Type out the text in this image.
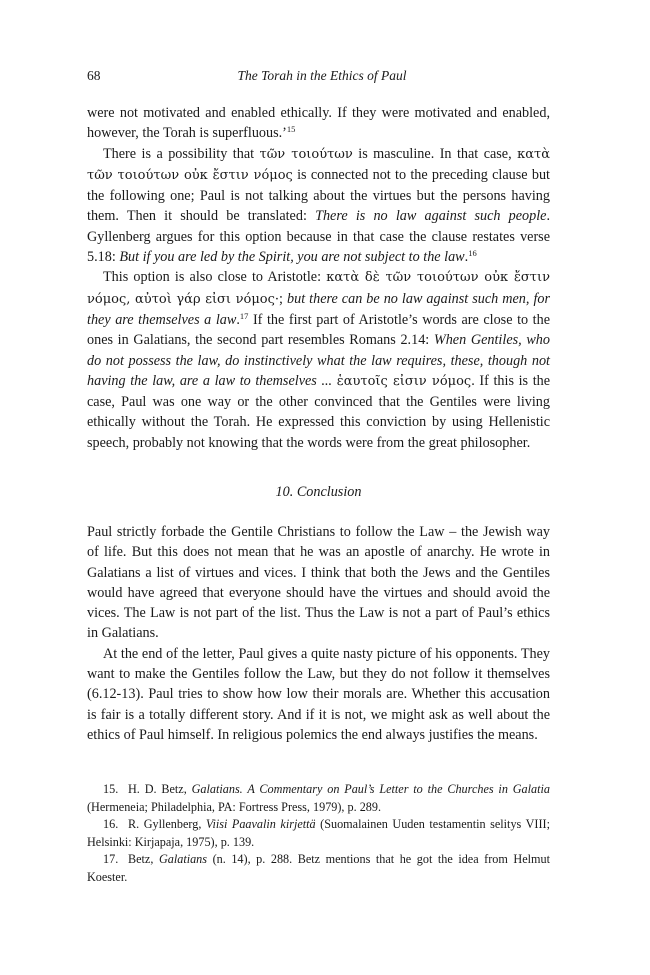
68	The Torah in the Ethics of Paul

were not motivated and enabled ethically. If they were motivated and enabled, however, the Torah is superfluous.’$^{15}$

There is a possibility that τῶν τοιούτων is masculine. In that case, κατὰ τῶν τοιούτων οὐκ ἔστιν νόμος is connected not to the preceding clause but the following one; Paul is not talking about the virtues but the persons having them. Then it should be translated: There is no law against such people. Gyllenberg argues for this option because in that case the clause restates verse 5.18: But if you are led by the Spirit, you are not subject to the law.$^{16}$

This option is also close to Aristotle: κατὰ δὲ τῶν τοιούτων οὐκ ἔστιν νόμος, αὐτοὶ γάρ εἰσι νόμος·; but there can be no law against such men, for they are themselves a law.$^{17}$ If the first part of Aristotle’s words are close to the ones in Galatians, the second part resembles Romans 2.14: When Gentiles, who do not possess the law, do instinctively what the law requires, these, though not having the law, are a law to themselves ... ἑαυτοῖς εἰσιν νόμος. If this is the case, Paul was one way or the other convinced that the Gentiles were living ethically without the Torah. He expressed this conviction by using Hellenistic speech, probably not knowing that the words were from the great philosopher.

10. Conclusion

Paul strictly forbade the Gentile Christians to follow the Law – the Jewish way of life. But this does not mean that he was an apostle of anarchy. He wrote in Galatians a list of virtues and vices. I think that both the Jews and the Gentiles would have agreed that everyone should have the virtues and should avoid the vices. The Law is not part of the list. Thus the Law is not a part of Paul’s ethics in Galatians.

At the end of the letter, Paul gives a quite nasty picture of his opponents. They want to make the Gentiles follow the Law, but they do not follow it themselves (6.12-13). Paul tries to show how low their morals are. Whether this accusation is fair is a totally different story. And if it is not, we might ask as well about the ethics of Paul himself. In religious polemics the end always justifies the means.

15. H. D. Betz, Galatians. A Commentary on Paul’s Letter to the Churches in Galatia (Hermeneia; Philadelphia, PA: Fortress Press, 1979), p. 289.

16. R. Gyllenberg, Viisi Paavalin kirjettä (Suomalainen Uuden testamentin selitys VIII; Helsinki: Kirjapaja, 1975), p. 139.

17. Betz, Galatians (n. 14), p. 288. Betz mentions that he got the idea from Helmut Koester.
